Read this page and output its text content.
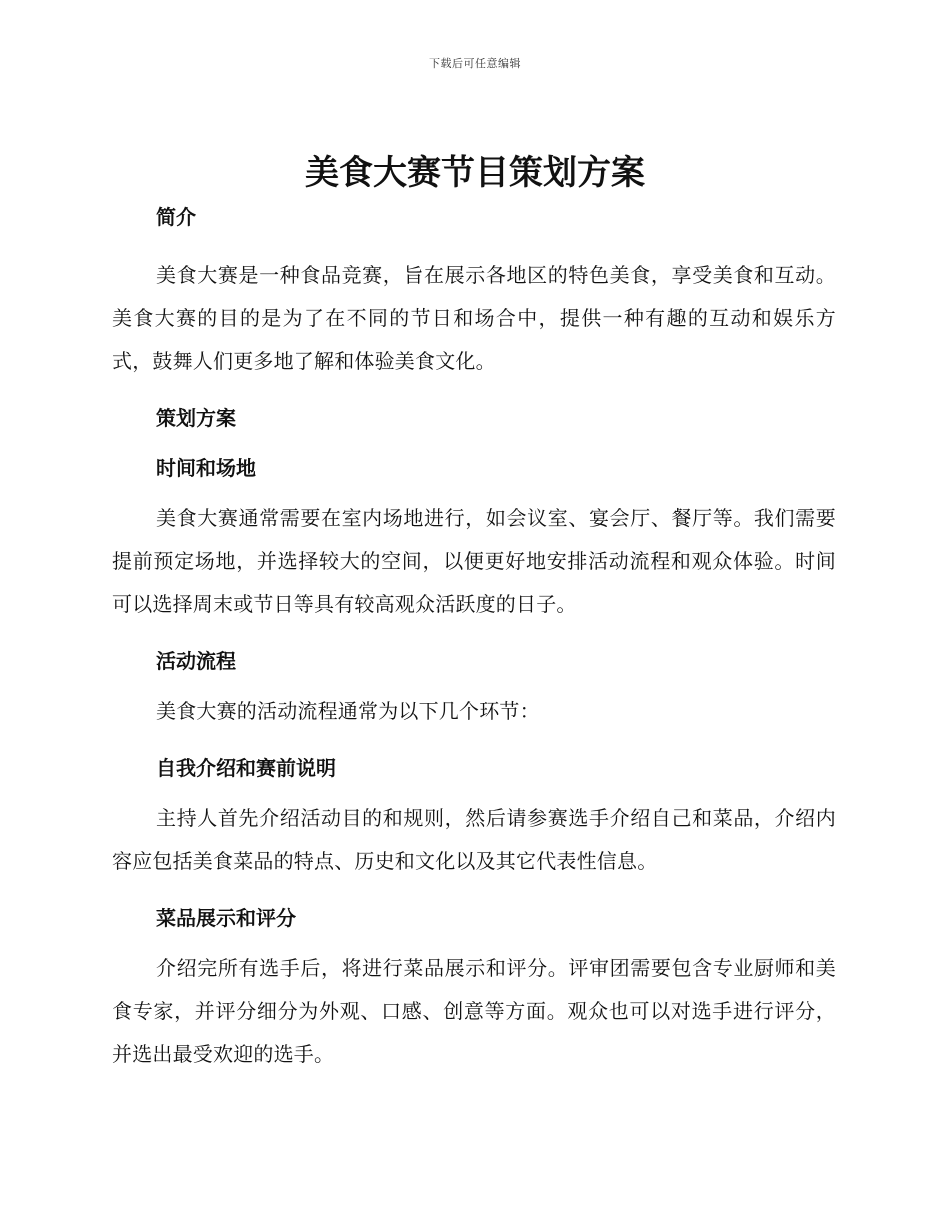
下载后可任意编辑
美食大赛节目策划方案

简介

美食大赛是一种食品竞赛，旨在展示各地区的特色美食，享受美食和互动。美食大赛的目的是为了在不同的节日和场合中，提供一种有趣的互动和娱乐方式，鼓舞人们更多地了解和体验美食文化。

策划方案

时间和场地

美食大赛通常需要在室内场地进行，如会议室、宴会厅、餐厅等。我们需要提前预定场地，并选择较大的空间，以便更好地安排活动流程和观众体验。时间可以选择周末或节日等具有较高观众活跃度的日子。

活动流程

美食大赛的活动流程通常为以下几个环节：

自我介绍和赛前说明

主持人首先介绍活动目的和规则，然后请参赛选手介绍自己和菜品，介绍内容应包括美食菜品的特点、历史和文化以及其它代表性信息。

菜品展示和评分

介绍完所有选手后，将进行菜品展示和评分。评审团需要包含专业厨师和美食专家，并评分细分为外观、口感、创意等方面。观众也可以对选手进行评分，并选出最受欢迎的选手。
